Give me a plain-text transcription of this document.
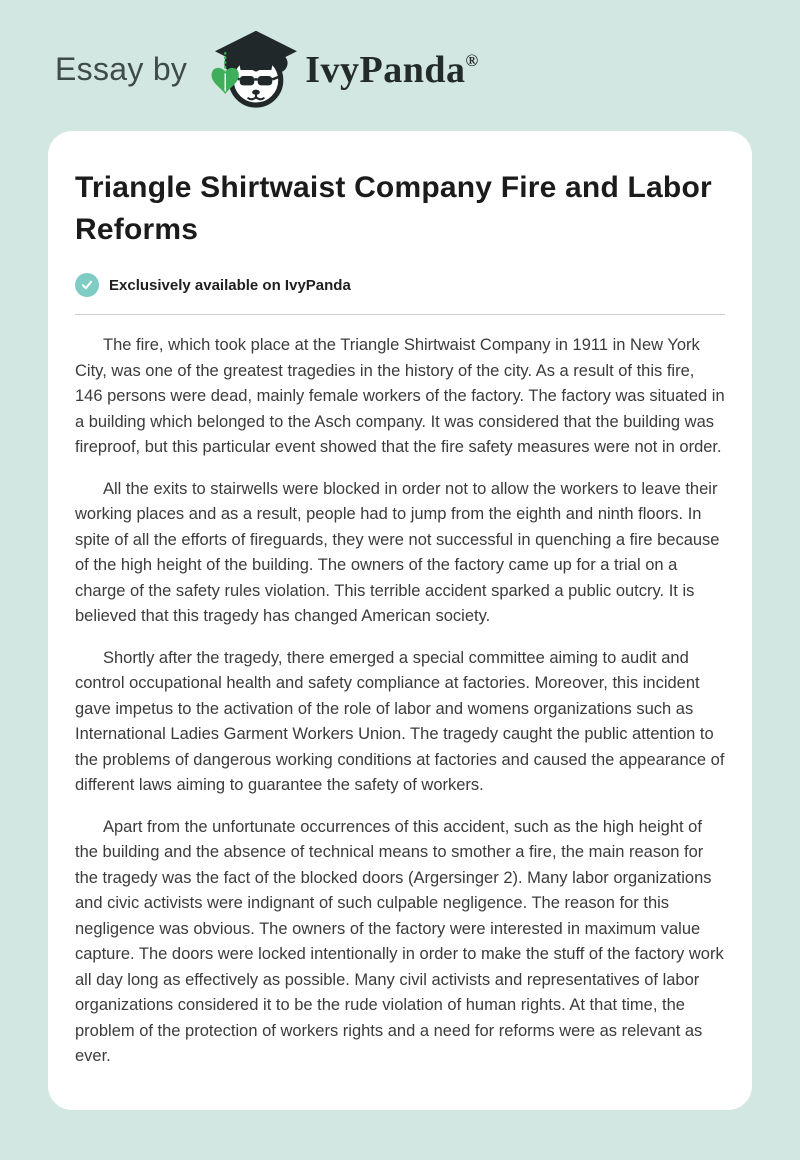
Essay by	IvyPanda®
Triangle Shirtwaist Company Fire and Labor Reforms
Exclusively available on IvyPanda

The fire, which took place at the Triangle Shirtwaist Company in 1911 in New York City, was one of the greatest tragedies in the history of the city. As a result of this fire, 146 persons were dead, mainly female workers of the factory. The factory was situated in a building which belonged to the Asch company. It was considered that the building was fireproof, but this particular event showed that the fire safety measures were not in order.

All the exits to stairwells were blocked in order not to allow the workers to leave their working places and as a result, people had to jump from the eighth and ninth floors. In spite of all the efforts of fireguards, they were not successful in quenching a fire because of the high height of the building. The owners of the factory came up for a trial on a charge of the safety rules violation. This terrible accident sparked a public outcry. It is believed that this tragedy has changed American society.

Shortly after the tragedy, there emerged a special committee aiming to audit and control occupational health and safety compliance at factories. Moreover, this incident gave impetus to the activation of the role of labor and womens organizations such as International Ladies Garment Workers Union. The tragedy caught the public attention to the problems of dangerous working conditions at factories and caused the appearance of different laws aiming to guarantee the safety of workers.

Apart from the unfortunate occurrences of this accident, such as the high height of the building and the absence of technical means to smother a fire, the main reason for the tragedy was the fact of the blocked doors (Argersinger 2). Many labor organizations and civic activists were indignant of such culpable negligence. The reason for this negligence was obvious. The owners of the factory were interested in maximum value capture. The doors were locked intentionally in order to make the stuff of the factory work all day long as effectively as possible. Many civil activists and representatives of labor organizations considered it to be the rude violation of human rights. At that time, the problem of the protection of workers rights and a need for reforms were as relevant as ever.
